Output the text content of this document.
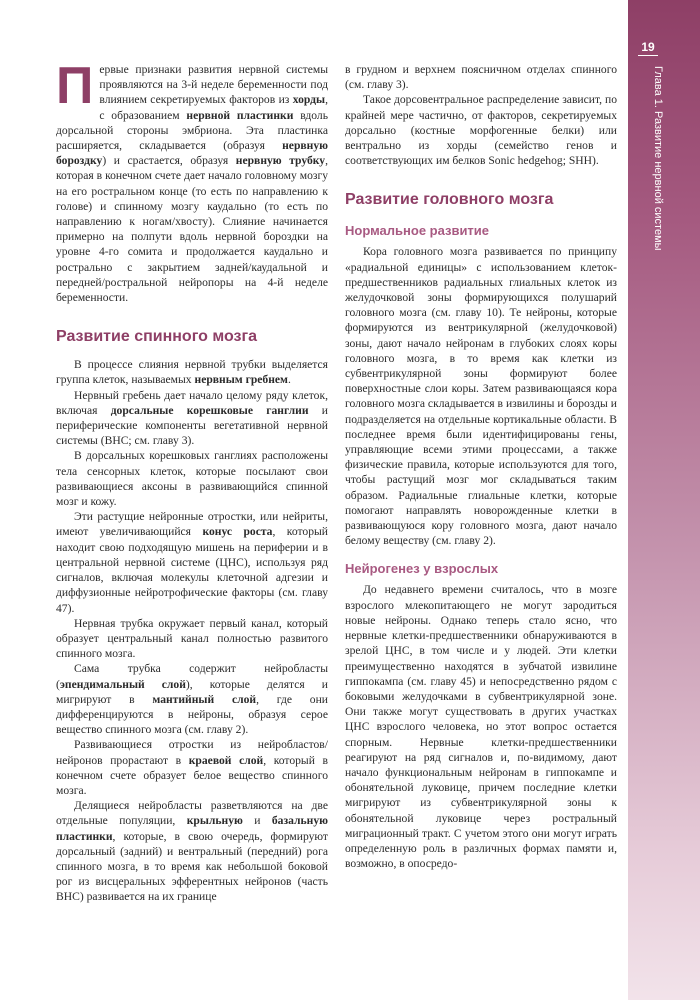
19
Глава 1. Развитие нервной системы

Первые признаки развития нервной системы проявляются на 3-й неделе беременности под влиянием секретируемых факторов из хорды, с образованием нервной пластинки вдоль дорсальной стороны эмбриона. Эта пластинка расширяется, складывается (образуя нервную бороздку) и срастается, образуя нервную трубку, которая в конечном счете дает начало головному мозгу на его ростральном конце (то есть по направлению к голове) и спинному мозгу каудально (то есть по направлению к ногам/хвосту). Слияние начинается примерно на полпути вдоль нервной бороздки на уровне 4-го сомита и продолжается каудально и рострально с закрытием задней/каудальной и передней/ростральной нейропоры на 4-й неделе беременности.

Развитие спинного мозга

В процессе слияния нервной трубки выделяется группа клеток, называемых нервным гребнем.

Нервный гребень дает начало целому ряду клеток, включая дорсальные корешковые ганглии и периферические компоненты вегетативной нервной системы (ВНС; см. главу 3).

В дорсальных корешковых ганглиях расположены тела сенсорных клеток, которые посылают свои развивающиеся аксоны в развивающийся спинной мозг и кожу.

Эти растущие нейронные отростки, или нейриты, имеют увеличивающийся конус роста, который находит свою подходящую мишень на периферии и в центральной нервной системе (ЦНС), используя ряд сигналов, включая молекулы клеточной адгезии и диффузионные нейротрофические факторы (см. главу 47).

Нервная трубка окружает первый канал, который образует центральный канал полностью развитого спинного мозга.

Сама трубка содержит нейробласты (эпендимальный слой), которые делятся и мигрируют в мантийный слой, где они дифференцируются в нейроны, образуя серое вещество спинного мозга (см. главу 2).

Развивающиеся отростки из нейробластов/нейронов прорастают в краевой слой, который в конечном счете образует белое вещество спинного мозга.

Делящиеся нейробласты разветвляются на две отдельные популяции, крыльную и базальную пластинки, которые, в свою очередь, формируют дорсальный (задний) и вентральный (передний) рога спинного мозга, в то время как небольшой боковой рог из висцеральных эфферентных нейронов (часть ВНС) развивается на их границе

в грудном и верхнем поясничном отделах спинного (см. главу 3).

Такое дорсовентральное распределение зависит, по крайней мере частично, от факторов, секретируемых дорсально (костные морфогенные белки) или вентрально из хорды (семейство генов и соответствующих им белков Sonic hedgehog; SHH).

Развитие головного мозга
Нормальное развитие

Кора головного мозга развивается по принципу «радиальной единицы» с использованием клеток-предшественников радиальных глиальных клеток из желудочковой зоны формирующихся полушарий головного мозга (см. главу 10). Те нейроны, которые формируются из вентрикулярной (желудочковой) зоны, дают начало нейронам в глубоких слоях коры головного мозга, в то время как клетки из субвентрикулярной зоны формируют более поверхностные слои коры. Затем развивающаяся кора головного мозга складывается в извилины и борозды и подразделяется на отдельные кортикальные области. В последнее время были идентифицированы гены, управляющие всеми этими процессами, а также физические правила, которые используются для того, чтобы растущий мозг мог складываться таким образом. Радиальные глиальные клетки, которые помогают направлять новорожденные клетки в развивающуюся кору головного мозга, дают начало белому веществу (см. главу 2).

Нейрогенез у взрослых

До недавнего времени считалось, что в мозге взрослого млекопитающего не могут зародиться новые нейроны. Однако теперь стало ясно, что нервные клетки-предшественники обнаруживаются в зрелой ЦНС, в том числе и у людей. Эти клетки преимущественно находятся в зубчатой извилине гиппокампа (см. главу 45) и непосредственно рядом с боковыми желудочками в субвентрикулярной зоне. Они также могут существовать в других участках ЦНС взрослого человека, но этот вопрос остается спорным. Нервные клетки-предшественники реагируют на ряд сигналов и, по-видимому, дают начало функциональным нейронам в гиппокампе и обонятельной луковице, причем последние клетки мигрируют из субвентрикулярной зоны к обонятельной луковице через ростральный миграционный тракт. С учетом этого они могут играть определенную роль в различных формах памяти и, возможно, в опосредо-
